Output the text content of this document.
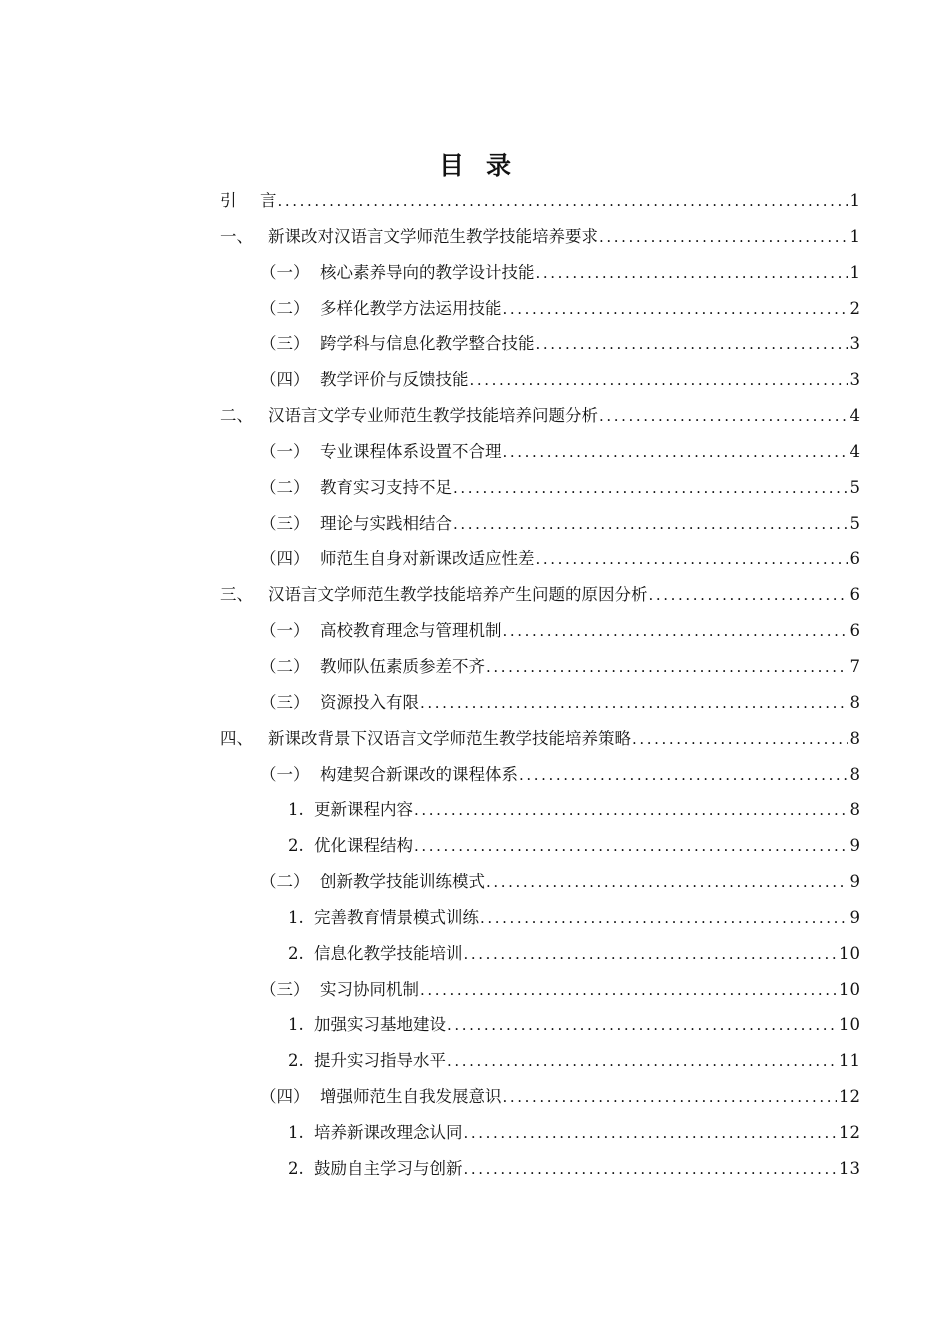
目录
引	言 .....	1
一、 新课改对汉语言文学师范生教学技能培养要求 .....	1
（一） 核心素养导向的教学设计技能 .....	1
（二） 多样化教学方法运用技能 .....	2
（三） 跨学科与信息化教学整合技能 .....	3
（四） 教学评价与反馈技能 .....	3
二、 汉语言文学专业师范生教学技能培养问题分析 .....	4
（一） 专业课程体系设置不合理 .....	4
（二） 教育实习支持不足 .....	5
（三） 理论与实践相结合 .....	5
（四） 师范生自身对新课改适应性差 .....	6
三、 汉语言文学师范生教学技能培养产生问题的原因分析 .....	6
（一） 高校教育理念与管理机制 .....	6
（二） 教师队伍素质参差不齐 .....	7
（三） 资源投入有限 .....	8
四、 新课改背景下汉语言文学师范生教学技能培养策略 .....	8
（一） 构建契合新课改的课程体系 .....	8
1. 更新课程内容 .....	8
2. 优化课程结构 .....	9
（二） 创新教学技能训练模式 .....	9
1. 完善教育情景模式训练 .....	9
2. 信息化教学技能培训 .....	10
（三） 实习协同机制 .....	10
1. 加强实习基地建设 .....	10
2. 提升实习指导水平 .....	11
（四） 增强师范生自我发展意识 .....	12
1. 培养新课改理念认同 .....	12
2. 鼓励自主学习与创新 .....	13
